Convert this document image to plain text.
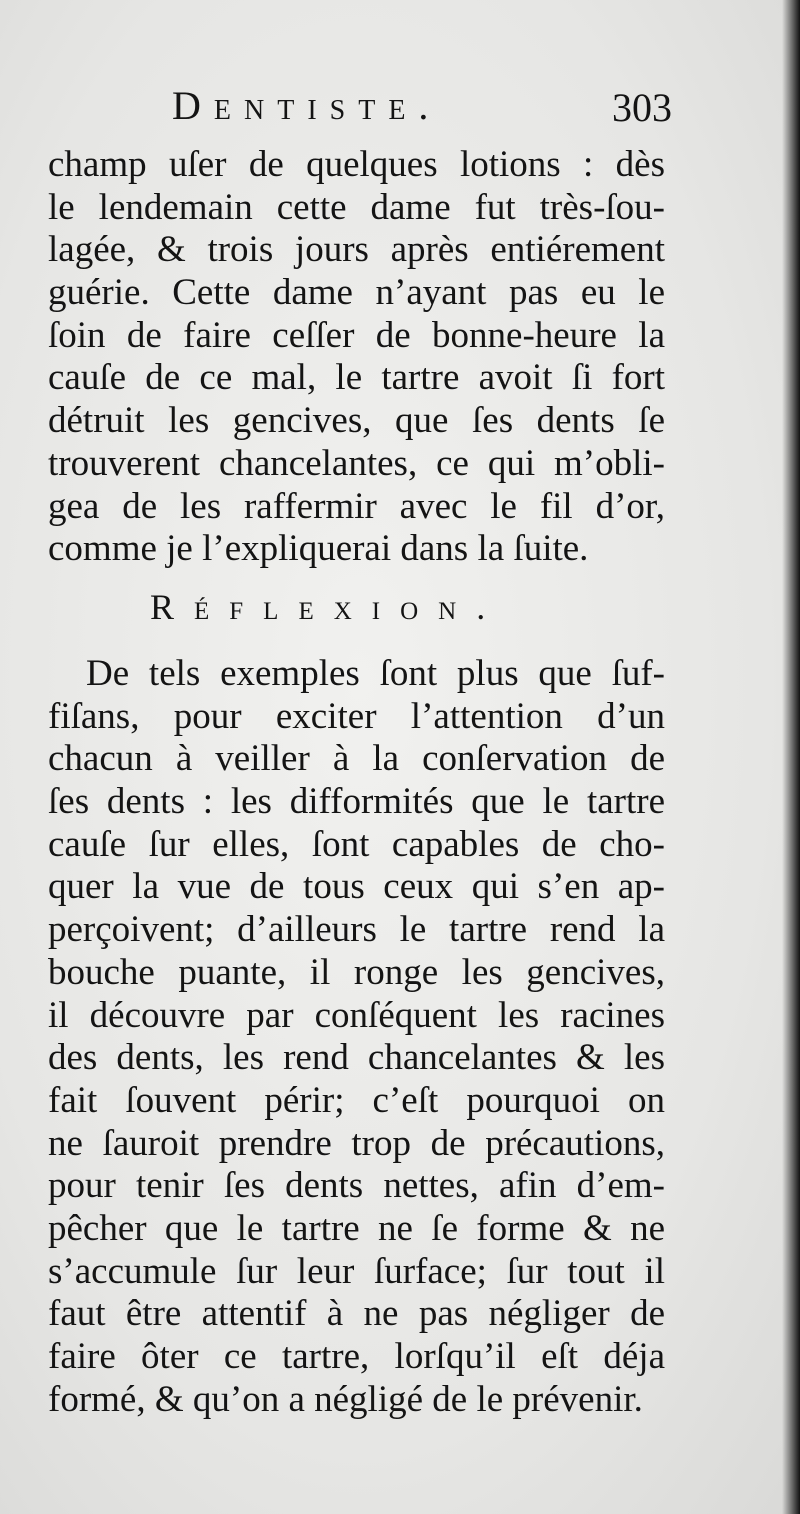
Dentiste.	303
champ uſer de quelques lotions : dès
le lendemain cette dame fut très-ſou-
lagée, & trois jours après entiérement
guérie. Cette dame n’ayant pas eu le
ſoin de faire ceſſer de bonne-heure la
cauſe de ce mal, le tartre avoit ſi fort
détruit les gencives, que ſes dents ſe
trouverent chancelantes, ce qui m’obli-
gea de les raffermir avec le fil d’or,
comme je l’expliquerai dans la ſuite.
Réflexion.
De tels exemples ſont plus que ſuf-
fiſans, pour exciter l’attention d’un
chacun à veiller à la conſervation de
ſes dents : les difformités que le tartre
cauſe ſur elles, ſont capables de cho-
quer la vue de tous ceux qui s’en ap-
perçoivent; d’ailleurs le tartre rend la
bouche puante, il ronge les gencives,
il découvre par conſéquent les racines
des dents, les rend chancelantes & les
fait ſouvent périr; c’eſt pourquoi on
ne ſauroit prendre trop de précautions,
pour tenir ſes dents nettes, afin d’em-
pêcher que le tartre ne ſe forme & ne
s’accumule ſur leur ſurface; ſur tout il
faut être attentif à ne pas négliger de
faire ôter ce tartre, lorſqu’il eſt déja
formé, & qu’on a négligé de le prévenir.
